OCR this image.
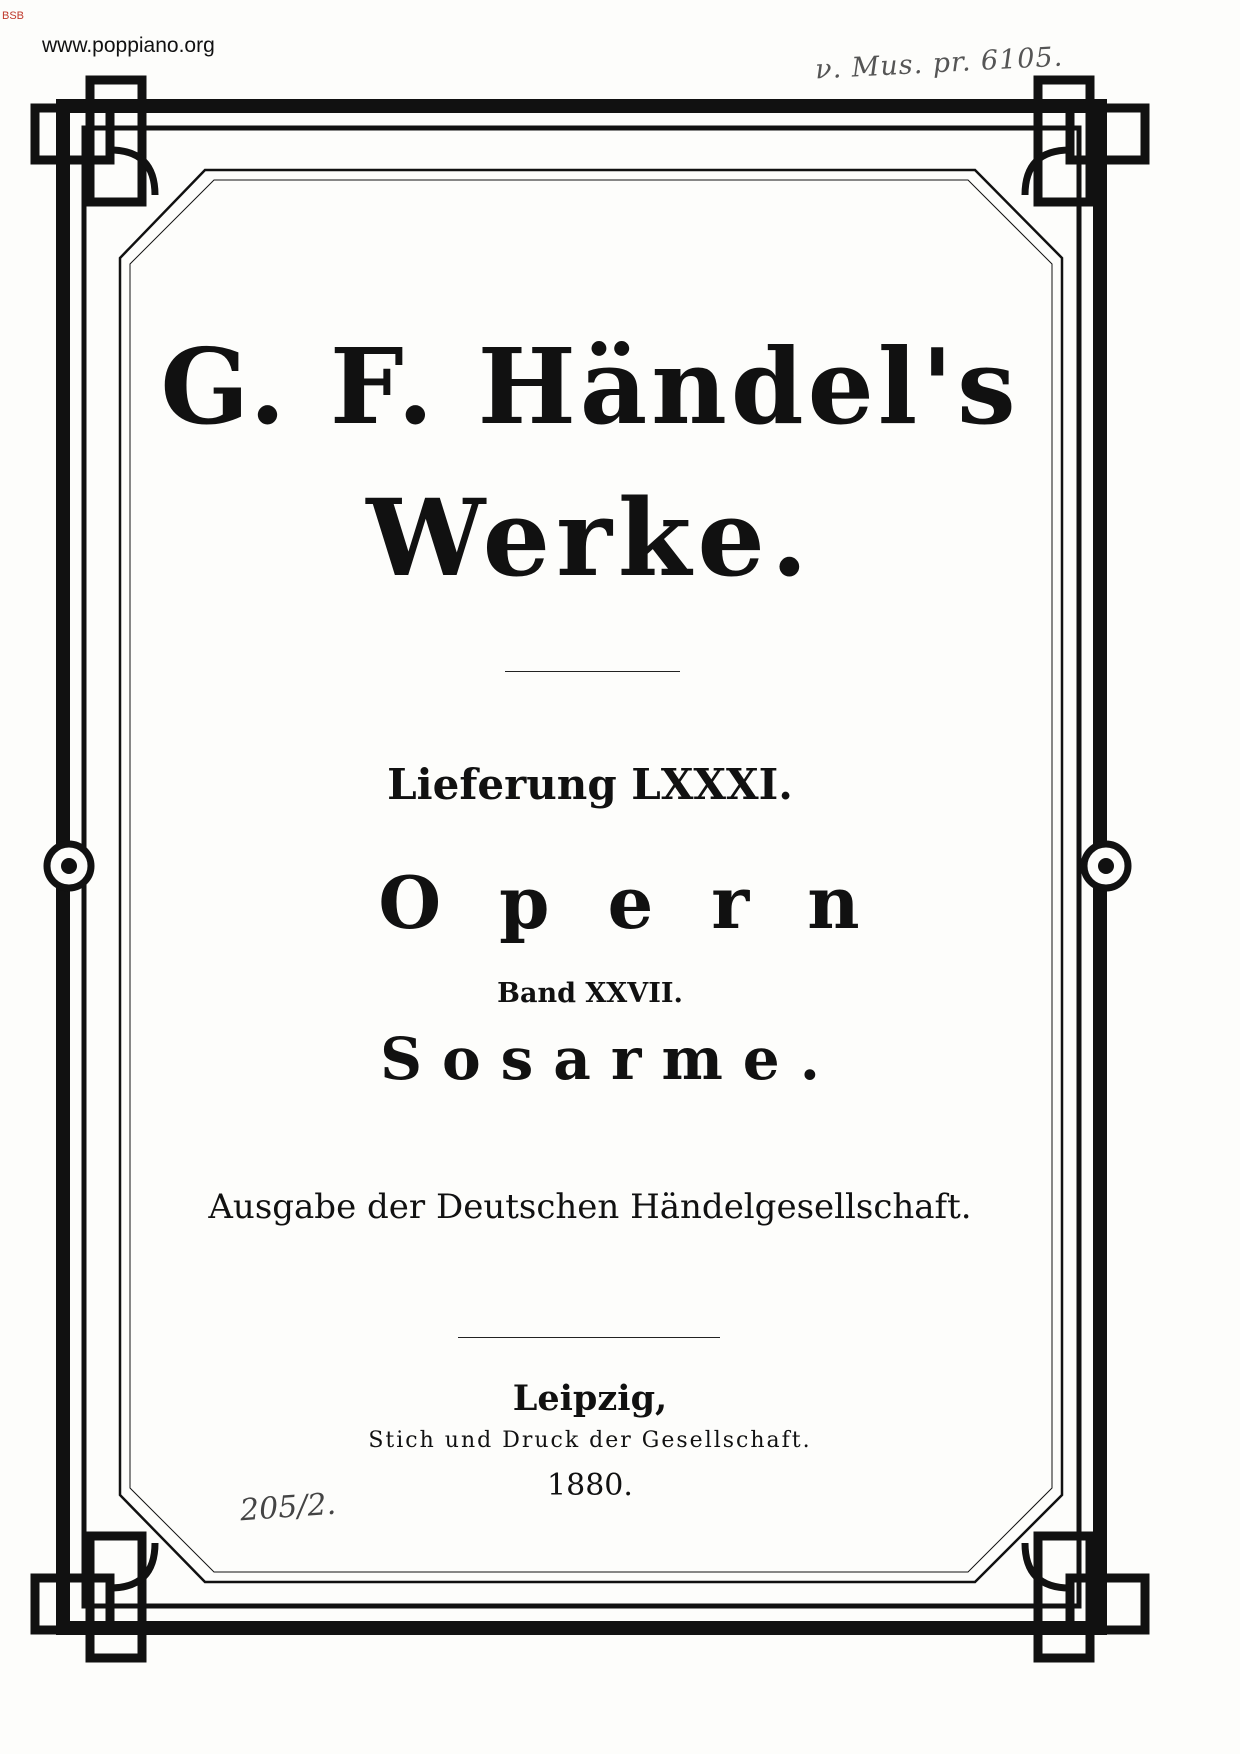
BSB
www.poppiano.org	ν. Mus. pr. 6105.
G. F. Händel's
Werke.
Lieferung LXXXI.
Opern
Band XXVII.
Sosarme.
Ausgabe der Deutschen Händelgesellschaft.
Leipzig,
Stich und Druck der Gesellschaft.
1880.
205/2.
